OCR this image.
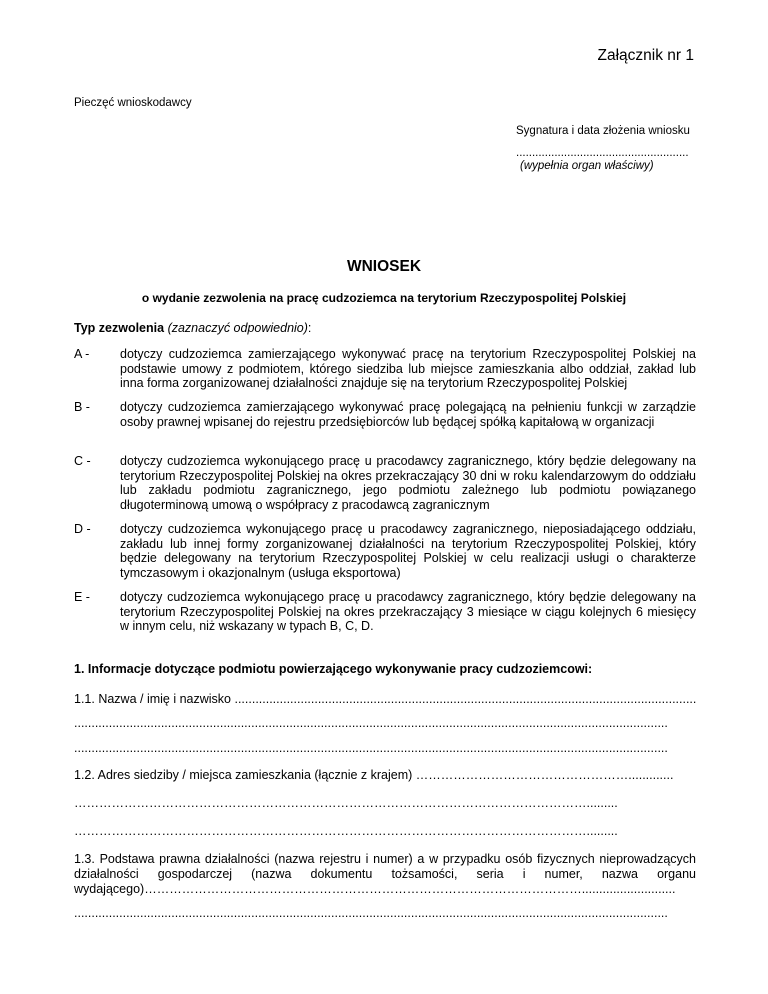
Załącznik nr 1
Pieczęć wnioskodawcy
Sygnatura i data złożenia wniosku
......................................................
(wypełnia organ właściwy)
WNIOSEK
o wydanie zezwolenia na pracę cudzoziemca na terytorium Rzeczypospolitej Polskiej
Typ zezwolenia (zaznaczyć odpowiednio):
A -	dotyczy cudzoziemca zamierzającego wykonywać pracę na terytorium Rzeczypospolitej Polskiej na podstawie umowy z podmiotem, którego siedziba lub miejsce zamieszkania albo oddział, zakład lub inna forma zorganizowanej działalności znajduje się na terytorium Rzeczypospolitej Polskiej
B -	dotyczy cudzoziemca zamierzającego wykonywać pracę polegającą na pełnieniu funkcji w zarządzie osoby prawnej wpisanej do rejestru przedsiębiorców lub będącej spółką kapitałową w organizacji
C -	dotyczy cudzoziemca wykonującego pracę u pracodawcy zagranicznego, który będzie delegowany na terytorium Rzeczypospolitej Polskiej na okres przekraczający 30 dni w roku kalendarzowym do oddziału lub zakładu podmiotu zagranicznego, jego podmiotu zależnego lub podmiotu powiązanego długoterminową umową o współpracy z pracodawcą zagranicznym
D -	dotyczy cudzoziemca wykonującego pracę u pracodawcy zagranicznego, nieposiadającego oddziału, zakładu lub innej formy zorganizowanej działalności na terytorium Rzeczypospolitej Polskiej, który będzie delegowany na terytorium Rzeczypospolitej Polskiej w celu realizacji usługi o charakterze tymczasowym i okazjonalnym (usługa eksportowa)
E -	dotyczy cudzoziemca wykonującego pracę u pracodawcy zagranicznego, który będzie delegowany na terytorium Rzeczypospolitej Polskiej na okres przekraczający 3 miesiące w ciągu kolejnych 6 miesięcy w innym celu, niż wskazany w typach B, C, D.
1. Informacje dotyczące podmiotu powierzającego wykonywanie pracy cudzoziemcowi:
1.1. Nazwa / imię i nazwisko .....................................................................................................................................
...........................................................................................................................................................................
...........................................................................................................................................................................
1.2. Adres siedziby / miejsca zamieszkania (łącznie z krajem) …………………………………………….............
…………………………………………………………………………………………………………….........
…………………………………………………………………………………………………………….........
1.3. Podstawa prawna działalności (nazwa rejestru i numer) a w przypadku osób fizycznych nieprowadzących działalności gospodarczej (nazwa dokumentu tożsamości, seria i numer, nazwa organu wydającego)……………………………………………………………………………………………...........................
...........................................................................................................................................................................
